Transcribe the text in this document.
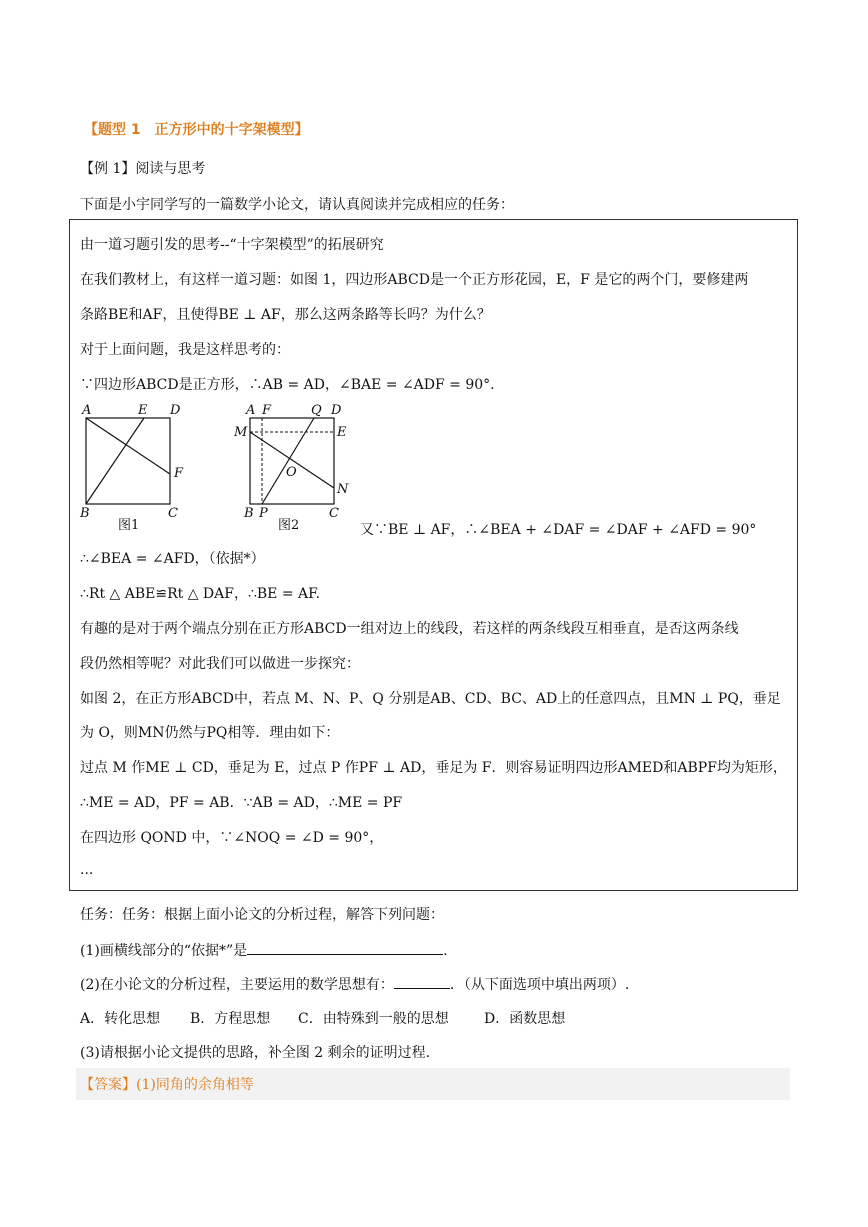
【题型 1　正方形中的十字架模型】
【例 1】阅读与思考
下面是小宇同学写的一篇数学小论文，请认真阅读并完成相应的任务：
由一道习题引发的思考--“十字架模型”的拓展研究
在我们教材上，有这样一道习题：如图 1，四边形ABCD是一个正方形花园，E，F 是它的两个门，要修建两
条路BE和AF，且使得BE ⊥ AF，那么这两条路等长吗？为什么？
对于上面问题，我是这样思考的：
∵四边形ABCD是正方形，∴AB = AD，∠BAE = ∠ADF = 90°.
A	E D
F
B	C
图1
A F	Q D
M	E
O
N
B P	C
图2	又∵BE ⊥ AF，∴∠BEA + ∠DAF = ∠DAF + ∠AFD = 90°
∴∠BEA = ∠AFD，（依据*）
∴Rt △ ABE≌Rt △ DAF，∴BE = AF.
有趣的是对于两个端点分别在正方形ABCD一组对边上的线段，若这样的两条线段互相垂直，是否这两条线
段仍然相等呢？对此我们可以做进一步探究：
如图 2，在正方形ABCD中，若点 M、N、P、Q 分别是AB、CD、BC、AD上的任意四点，且MN ⊥ PQ，垂足
为 O，则MN仍然与PQ相等．理由如下：
过点 M 作ME ⊥ CD，垂足为 E，过点 P 作PF ⊥ AD，垂足为 F．则容易证明四边形AMED和ABPF均为矩形，
∴ME = AD，PF = AB．∵AB = AD，∴ME = PF
在四边形 QOND 中，∵∠NOQ = ∠D = 90°，
...
任务：任务：根据上面小论文的分析过程，解答下列问题：
(1)画横线部分的“依据*”是	.
(2)在小论文的分析过程，主要运用的数学思想有：	．（从下面选项中填出两项）.
A．转化思想 B．方程思想 C．由特殊到一般的思想	D．函数思想
(3)请根据小论文提供的思路，补全图 2 剩余的证明过程.
【答案】(1)同角的余角相等
